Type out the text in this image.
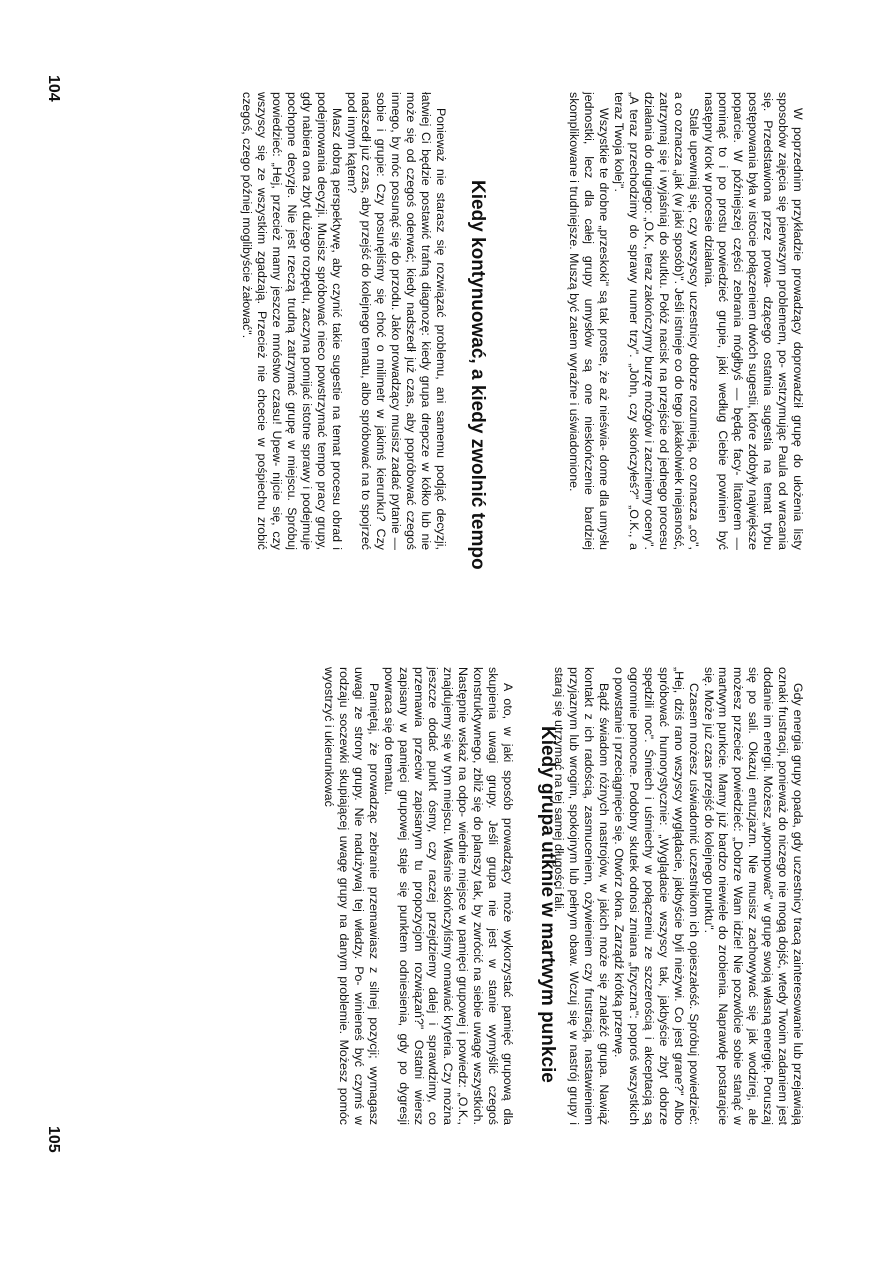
W poprzednim przykładzie prowadzący doprowadził grupę do ułożenia listy sposobów zajęcia się pierwszym problemem, po- wstrzymując Paula od wracania się. Przedstawiona przez prowa- dzącego ostatnia sugestia na temat trybu postępowania była w istocie połączeniem dwóch sugestii, które zdobyły największe poparcie. W późniejszej części zebrania mógłbyś — będąc facy- litatorem — pominąć to i po prostu powiedzieć grupie, jaki według Ciebie powinien być następny krok w procesie działania.

Stale upewniaj się, czy wszyscy uczestnicy dobrze rozumieją, co oznacza „co", a co oznacza „jak (w jaki sposób)". Jeśli istnieje co do tego jakakolwiek niejasność, zatrzymaj się i wyjaśniaj do skutku. Połóż nacisk na przejście od jednego procesu działania do drugiego: „O.K., teraz zakończymy burzę mózgów i zaczniemy oceny". „A teraz przechodzimy do sprawy numer trzy". „John, czy skończyłeś?" „O.K., a teraz Twoja kolej".

Wszystkie te drobne „przeskoki" są tak proste, że aż nieświa- dome dla umysłu jednostki, lecz dla całej grupy umysłów są one nieskończenie bardziej skomplikowane i trudniejsze. Muszą być zatem wyraźne i uświadomione.

Kiedy kontynuować, a kiedy zwolnić tempo

Ponieważ nie starasz się rozwiązać problemu, ani samemu podjąć decyzji, łatwiej Ci będzie postawić trafną diagnozę: kiedy grupa drepcze w kółko lub nie może się od czegoś oderwać; kiedy nadszedł już czas, aby popróbować czegoś innego, by móc posunąć się do przodu. Jako prowadzący musisz zadać pytanie — sobie i grupie: Czy posunęliśmy się choć o milimetr w jakimś kierunku? Czy nadszedł już czas, aby przejść do kolejnego tematu, albo spróbować na to spojrzeć pod innym kątem?

Masz dobrą perspektywę, aby czynić takie sugestie na temat procesu obrad i podejmowania decyzji. Musisz spróbować nieco powstrzymać tempo pracy grupy, gdy nabiera ona zbyt dużego rozpędu, zaczyna pomijać istotne sprawy i podejmuje pochopne decyzje. Nie jest rzeczą trudną zatrzymać grupę w miejscu. Spróbuj powiedzieć: „Hej, przecież mamy jeszcze mnóstwo czasu! Upew- nijcie się, czy wszyscy się ze wszystkim zgadzają. Przecież nie chcecie w pośpiechu zrobić czegoś, czego później moglibyście żałować".

104

Gdy energia grupy opada, gdy uczestnicy tracą zainteresowanie lub przejawiają oznaki frustracji, ponieważ do niczego nie mogą dojść, wtedy Twoim zadaniem jest dodanie im energii. Możesz „wpompować" w grupę swoją własną energię. Poruszaj się po sali. Okazuj entuzjazm. Nie musisz zachowywać się jak wodzirej, ale możesz przecież powiedzieć: „Dobrze Wam idzie! Nie pozwólcie sobie stanąć w martwym punkcie. Mamy już bardzo niewiele do zrobienia. Naprawdę postarajcie się. Może już czas przejść do kolejnego punktu".

Czasem możesz uświadomić uczestnikom ich opieszałość. Spróbuj powiedzieć: „Hej, dziś rano wszyscy wyglądacie, jakbyście byli nieżywi. Co jest grane?" Albo spróbować humorystycznie: „Wyglądacie wszyscy tak, jakbyście zbyt dobrze spędzili noc". Śmiech i uśmiechy w połączeniu ze szczerością i akceptacją są ogromnie pomocne. Podobny skutek odnosi zmiana „fizyczna": poproś wszystkich o powstanie i przeciągnięcie się. Otwórz okna. Zarządź krótką przerwę.

Bądź świadom różnych nastrojów, w jakich może się znaleźć grupa. Nawiąż kontakt z ich radością, zasmuceniem, ożywieniem czy frustracją, nastawieniem przyjaznym lub wrogim, spokojnym lub pełnym obaw. Wczuj się w nastrój grupy i staraj się utrzymać na tej samej długości fali.

Kiedy grupa utknie w martwym punkcie

A oto, w jaki sposób prowadzący może wykorzystać pamięć grupową dla skupienia uwagi grupy. Jeśli grupa nie jest w stanie wymyślić czegoś konstruktywnego, zbliż się do planszy tak, by zwrócić na siebie uwagę wszystkich. Następnie wskaż na odpo- wiednie miejsce w pamięci grupowej i powiedz: „O.K., znajdujemy się w tym miejscu. Właśnie skończyliśmy omawiać kryteria. Czy można jeszcze dodać punkt ósmy, czy raczej przejdziemy dalej i sprawdzimy, co przemawia przeciw zapisanym tu propozycjom rozwiązań?" Ostatni wiersz zapisany w pamięci grupowej staje się punktem odniesienia, gdy po dygresji powraca się do tematu.

Pamiętaj, że prowadząc zebranie przemawiasz z silnej pozycji; wymagasz uwagi ze strony grupy. Nie nadużywaj tej władzy. Po- winieneś być czymś w rodzaju soczewki skupiającej uwagę grupy na danym problemie. Możesz pomóc wyostrzyć i ukierunkować

105
